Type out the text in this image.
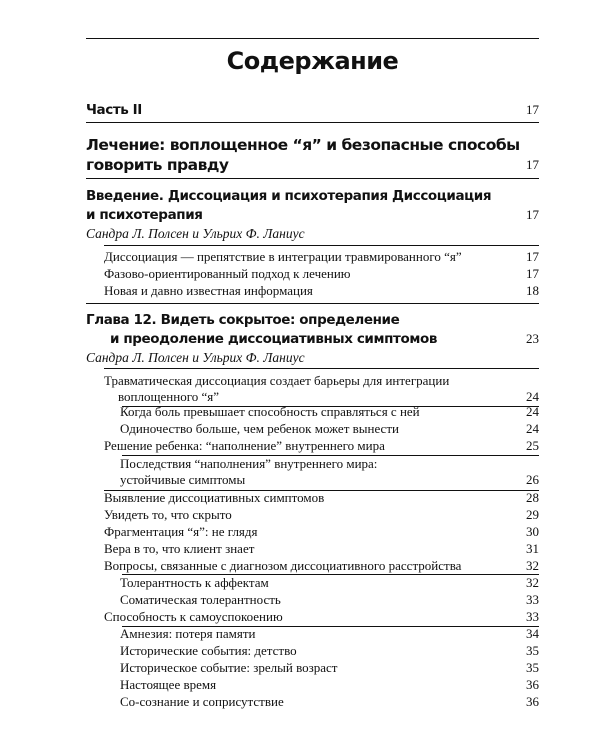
Содержание
Часть II	17
Лечение: воплощенное “я” и безопасные способы
говорить правду	17
Введение. Диссоциация и психотерапия Диссоциация
и психотерапия	17
Сандра Л. Полсен и Ульрих Ф. Ланиус
Диссоциация — препятствие в интеграции травмированного “я”	17
Фазово-ориентированный подход к лечению	17
Новая и давно известная информация	18
Глава 12. Видеть сокрытое: определение
и преодоление диссоциативных симптомов	23
Сандра Л. Полсен и Ульрих Ф. Ланиус
Травматическая диссоциация создает барьеры для интеграции
воплощенного “я”	24
Когда боль превышает способность справляться с ней	24
Одиночество больше, чем ребенок может вынести	24
Решение ребенка: “наполнение” внутреннего мира	25
Последствия “наполнения” внутреннего мира:
устойчивые симптомы	26
Выявление диссоциативных симптомов	28
Увидеть то, что скрыто	29
Фрагментация “я”: не глядя	30
Вера в то, что клиент знает	31
Вопросы, связанные с диагнозом диссоциативного расстройства	32
Толерантность к аффектам	32
Соматическая толерантность	33
Способность к самоуспокоению	33
Амнезия: потеря памяти	34
Исторические события: детство	35
Историческое событие: зрелый возраст	35
Настоящее время	36
Со-сознание и соприсутствие	36
